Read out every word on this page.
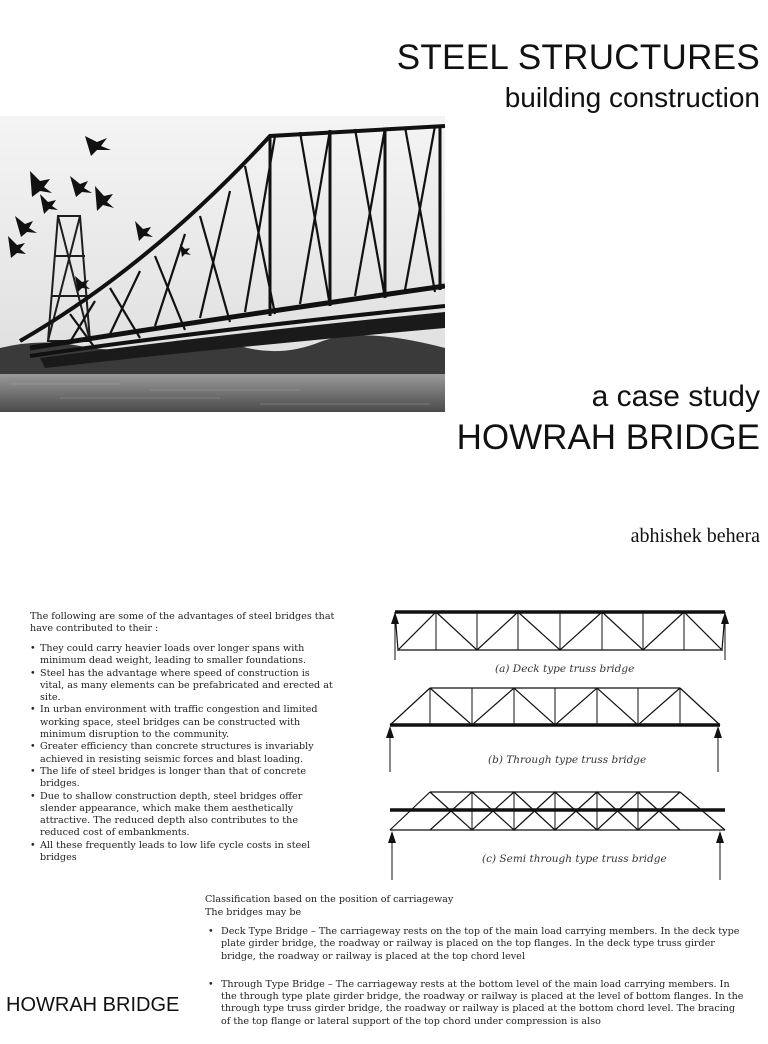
STEEL STRUCTURES
building construction
a case study
HOWRAH BRIDGE
abhishek behera
The following are some of the advantages of steel bridges that have contributed to their :
• They could carry heavier loads over longer spans with minimum dead weight, leading to smaller foundations.
• Steel has the advantage where speed of construction is vital, as many elements can be prefabricated and erected at site.
• In urban environment with traffic congestion and limited working space, steel bridges can be constructed with minimum disruption to the community.
• Greater efficiency than concrete structures is invariably achieved in resisting seismic forces and blast loading.
• The life of steel bridges is longer than that of concrete bridges.
• Due to shallow construction depth, steel bridges offer slender appearance, which make them aesthetically attractive. The reduced depth also contributes to the reduced cost of embankments.
• All these frequently leads to low life cycle costs in steel bridges
(a) Deck type truss bridge
(b) Through type truss bridge
(c) Semi through type truss bridge
Classification based on the position of carriageway
The bridges may be
• Deck Type Bridge – The carriageway rests on the top of the main load carrying members. In the deck type plate girder bridge, the roadway or railway is placed on the top flanges. In the deck type truss girder bridge, the roadway or railway is placed at the top chord level
• Through Type Bridge – The carriageway rests at the bottom level of the main load carrying members. In the through type plate girder bridge, the roadway or railway is placed at the level of bottom flanges. In the through type truss girder bridge, the roadway or railway is placed at the bottom chord level. The bracing of the top flange or lateral support of the top chord under compression is also
HOWRAH BRIDGE
